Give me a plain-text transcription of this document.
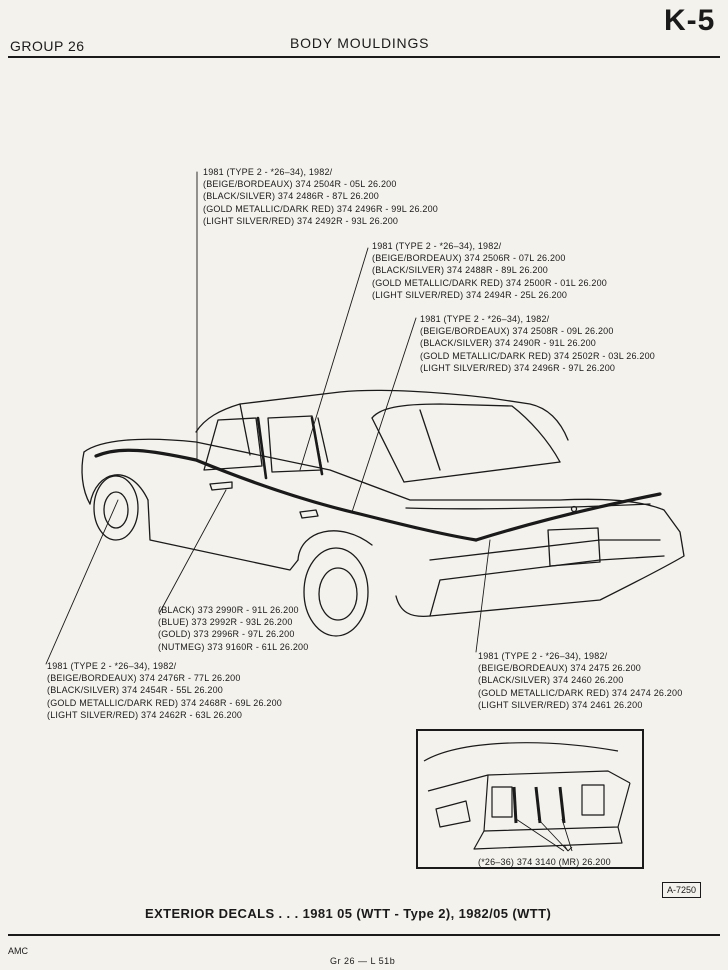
GROUP 26	BODY MOULDINGS
K-5
1981 (TYPE 2 - *26–34), 1982/
(BEIGE/BORDEAUX) 374 2504R - 05L 26.200
(BLACK/SILVER) 374 2486R - 87L 26.200
(GOLD METALLIC/DARK RED) 374 2496R - 99L 26.200
(LIGHT SILVER/RED) 374 2492R - 93L 26.200
1981 (TYPE 2 - *26–34), 1982/
(BEIGE/BORDEAUX) 374 2506R - 07L 26.200
(BLACK/SILVER) 374 2488R - 89L 26.200
(GOLD METALLIC/DARK RED) 374 2500R - 01L 26.200
(LIGHT SILVER/RED) 374 2494R - 25L 26.200
1981 (TYPE 2 - *26–34), 1982/
(BEIGE/BORDEAUX) 374 2508R - 09L 26.200
(BLACK/SILVER) 374 2490R - 91L 26.200
(GOLD METALLIC/DARK RED) 374 2502R - 03L 26.200
(LIGHT SILVER/RED) 374 2496R - 97L 26.200
(BLACK) 373 2990R - 91L 26.200
(BLUE) 373 2992R - 93L 26.200
(GOLD) 373 2996R - 97L 26.200
(NUTMEG) 373 9160R - 61L 26.200
1981 (TYPE 2 - *26–34), 1982/
(BEIGE/BORDEAUX) 374 2476R - 77L 26.200
(BLACK/SILVER) 374 2454R - 55L 26.200
(GOLD METALLIC/DARK RED) 374 2468R - 69L 26.200
(LIGHT SILVER/RED) 374 2462R - 63L 26.200
1981 (TYPE 2 - *26–34), 1982/
(BEIGE/BORDEAUX) 374 2475 26.200
(BLACK/SILVER) 374 2460 26.200
(GOLD METALLIC/DARK RED) 374 2474 26.200
(LIGHT SILVER/RED) 374 2461 26.200
(*26–36) 374 3140 (MR) 26.200
A-7250
EXTERIOR DECALS . . . 1981 05 (WTT - Type 2), 1982/05 (WTT)
AMC
Gr 26 — L 51b
